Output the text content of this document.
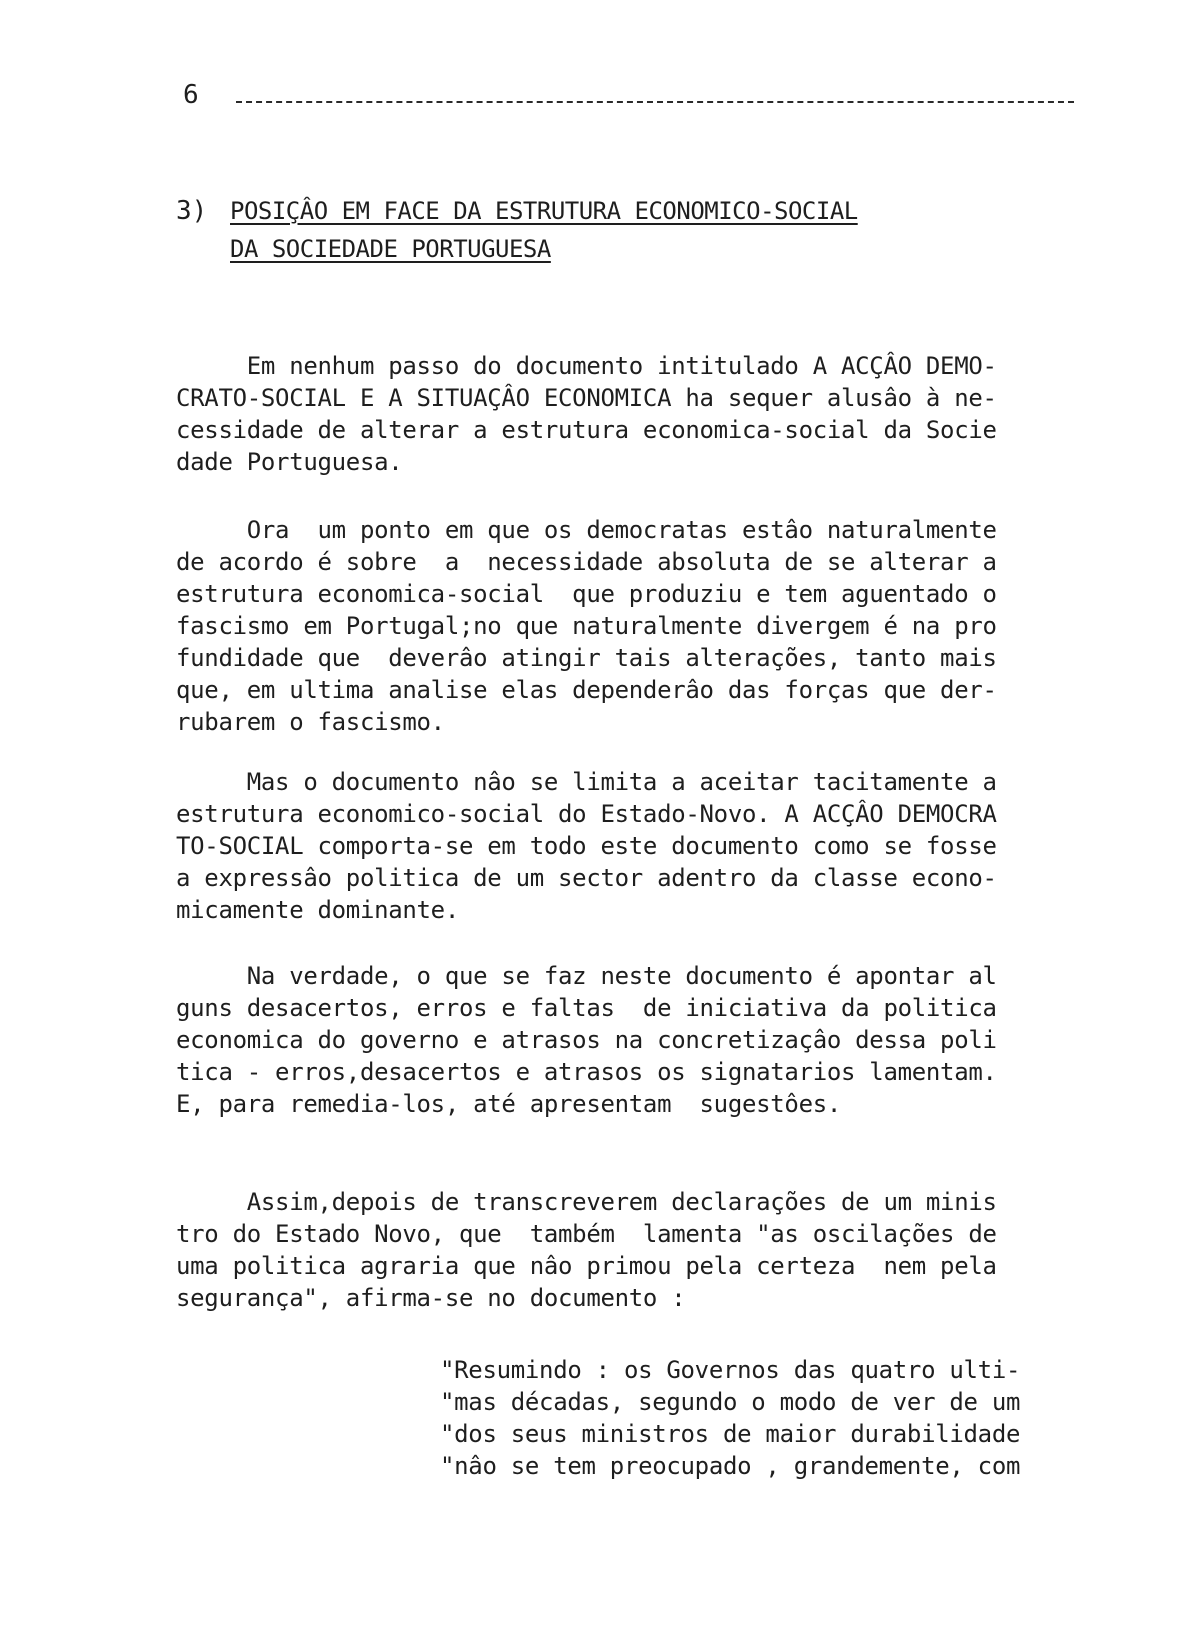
6
3) POSIÇÂO EM FACE DA ESTRUTURA ECONOMICO-SOCIAL
DA SOCIEDADE PORTUGUESA

Em nenhum passo do documento intitulado A ACÇÂO DEMO-
CRATO-SOCIAL E A SITUAÇÂO ECONOMICA ha sequer alusâo à ne-
cessidade de alterar a estrutura economica-social da Socie
dade Portuguesa.

Ora  um ponto em que os democratas estâo naturalmente
de acordo é sobre  a  necessidade absoluta de se alterar a
estrutura economica-social  que produziu e tem aguentado o
fascismo em Portugal;no que naturalmente divergem é na pro
fundidade que  deverâo atingir tais alterações, tanto mais
que, em ultima analise elas dependerâo das forças que der-
rubarem o fascismo.

Mas o documento nâo se limita a aceitar tacitamente a
estrutura economico-social do Estado-Novo. A ACÇÂO DEMOCRA
TO-SOCIAL comporta-se em todo este documento como se fosse
a expressâo politica de um sector adentro da classe econo-
micamente dominante.

Na verdade, o que se faz neste documento é apontar al
guns desacertos, erros e faltas  de iniciativa da politica
economica do governo e atrasos na concretizaçâo dessa poli
tica - erros,desacertos e atrasos os signatarios lamentam.
E, para remedia-los, até apresentam  sugestôes.

Assim,depois de transcreverem declarações de um minis
tro do Estado Novo, que  também  lamenta "as oscilações de
uma politica agraria que nâo primou pela certeza  nem pela
segurança", afirma-se no documento :

"Resumindo : os Governos das quatro ulti-
"mas décadas, segundo o modo de ver de um
"dos seus ministros de maior durabilidade
"nâo se tem preocupado , grandemente, com
